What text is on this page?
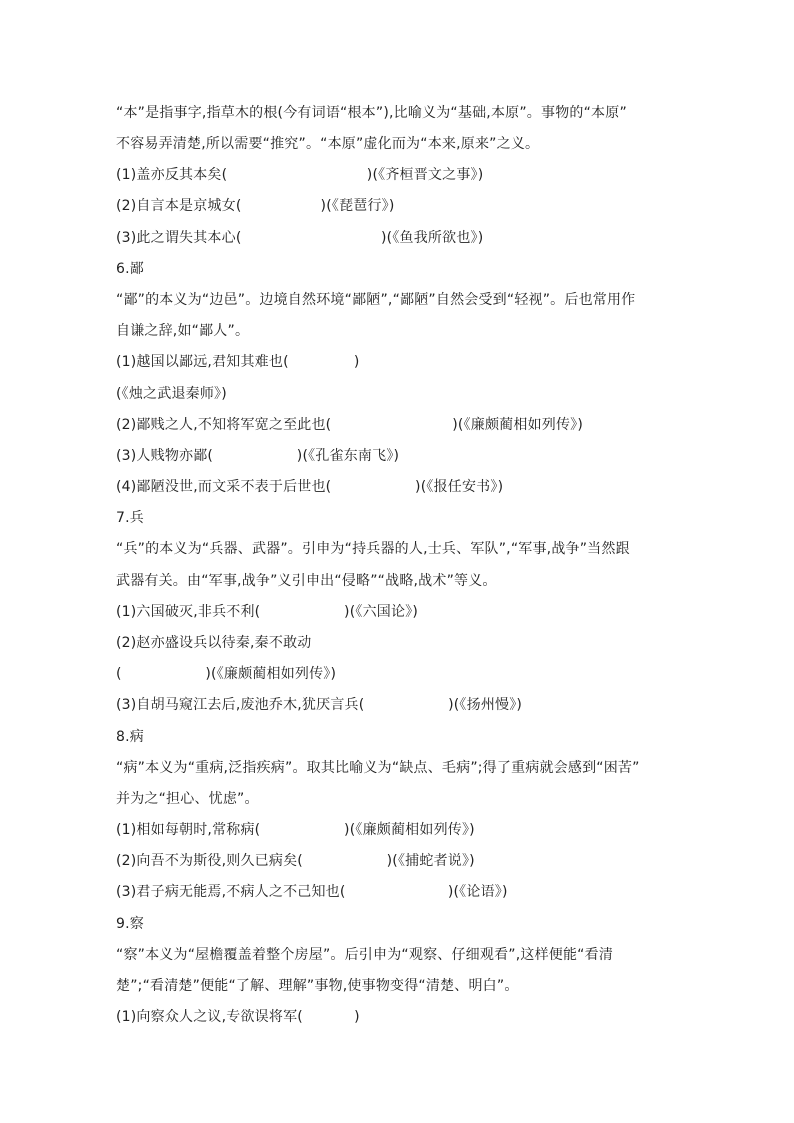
“本”是指事字,指草木的根(今有词语“根本”),比喻义为“基础,本原”。事物的“本原”
不容易弄清楚,所以需要“推究”。“本原”虚化而为“本来,原来”之义。
(1)盖亦反其本矣(                              )(《齐桓晋文之事》)
(2)自言本是京城女(                 )(《琵琶行》)
(3)此之谓失其本心(                              )(《鱼我所欲也》)
6.鄙
“鄙”的本义为“边邑”。边境自然环境“鄙陋”,“鄙陋”自然会受到“轻视”。后也常用作
自谦之辞,如“鄙人”。
(1)越国以鄙远,君知其难也(              )
(《烛之武退秦师》)
(2)鄙贱之人,不知将军宽之至此也(                          )(《廉颇蔺相如列传》)
(3)人贱物亦鄙(                  )(《孔雀东南飞》)
(4)鄙陋没世,而文采不表于后世也(                  )(《报任安书》)
7.兵
“兵”的本义为“兵器、武器”。引申为“持兵器的人,士兵、军队”,“军事,战争”当然跟
武器有关。由“军事,战争”义引申出“侵略”“战略,战术”等义。
(1)六国破灭,非兵不利(                  )(《六国论》)
(2)赵亦盛设兵以待秦,秦不敢动
(                  )(《廉颇蔺相如列传》)
(3)自胡马窥江去后,废池乔木,犹厌言兵(                  )(《扬州慢》)
8.病
“病”本义为“重病,泛指疾病”。取其比喻义为“缺点、毛病”;得了重病就会感到“困苦”
并为之“担心、忧虑”。
(1)相如每朝时,常称病(                  )(《廉颇蔺相如列传》)
(2)向吾不为斯役,则久已病矣(                  )(《捕蛇者说》)
(3)君子病无能焉,不病人之不己知也(                      )(《论语》)
9.察
“察”本义为“屋檐覆盖着整个房屋”。后引申为“观察、仔细观看”,这样便能“看清
楚”;“看清楚”便能“了解、理解”事物,使事物变得“清楚、明白”。
(1)向察众人之议,专欲误将军(           )
